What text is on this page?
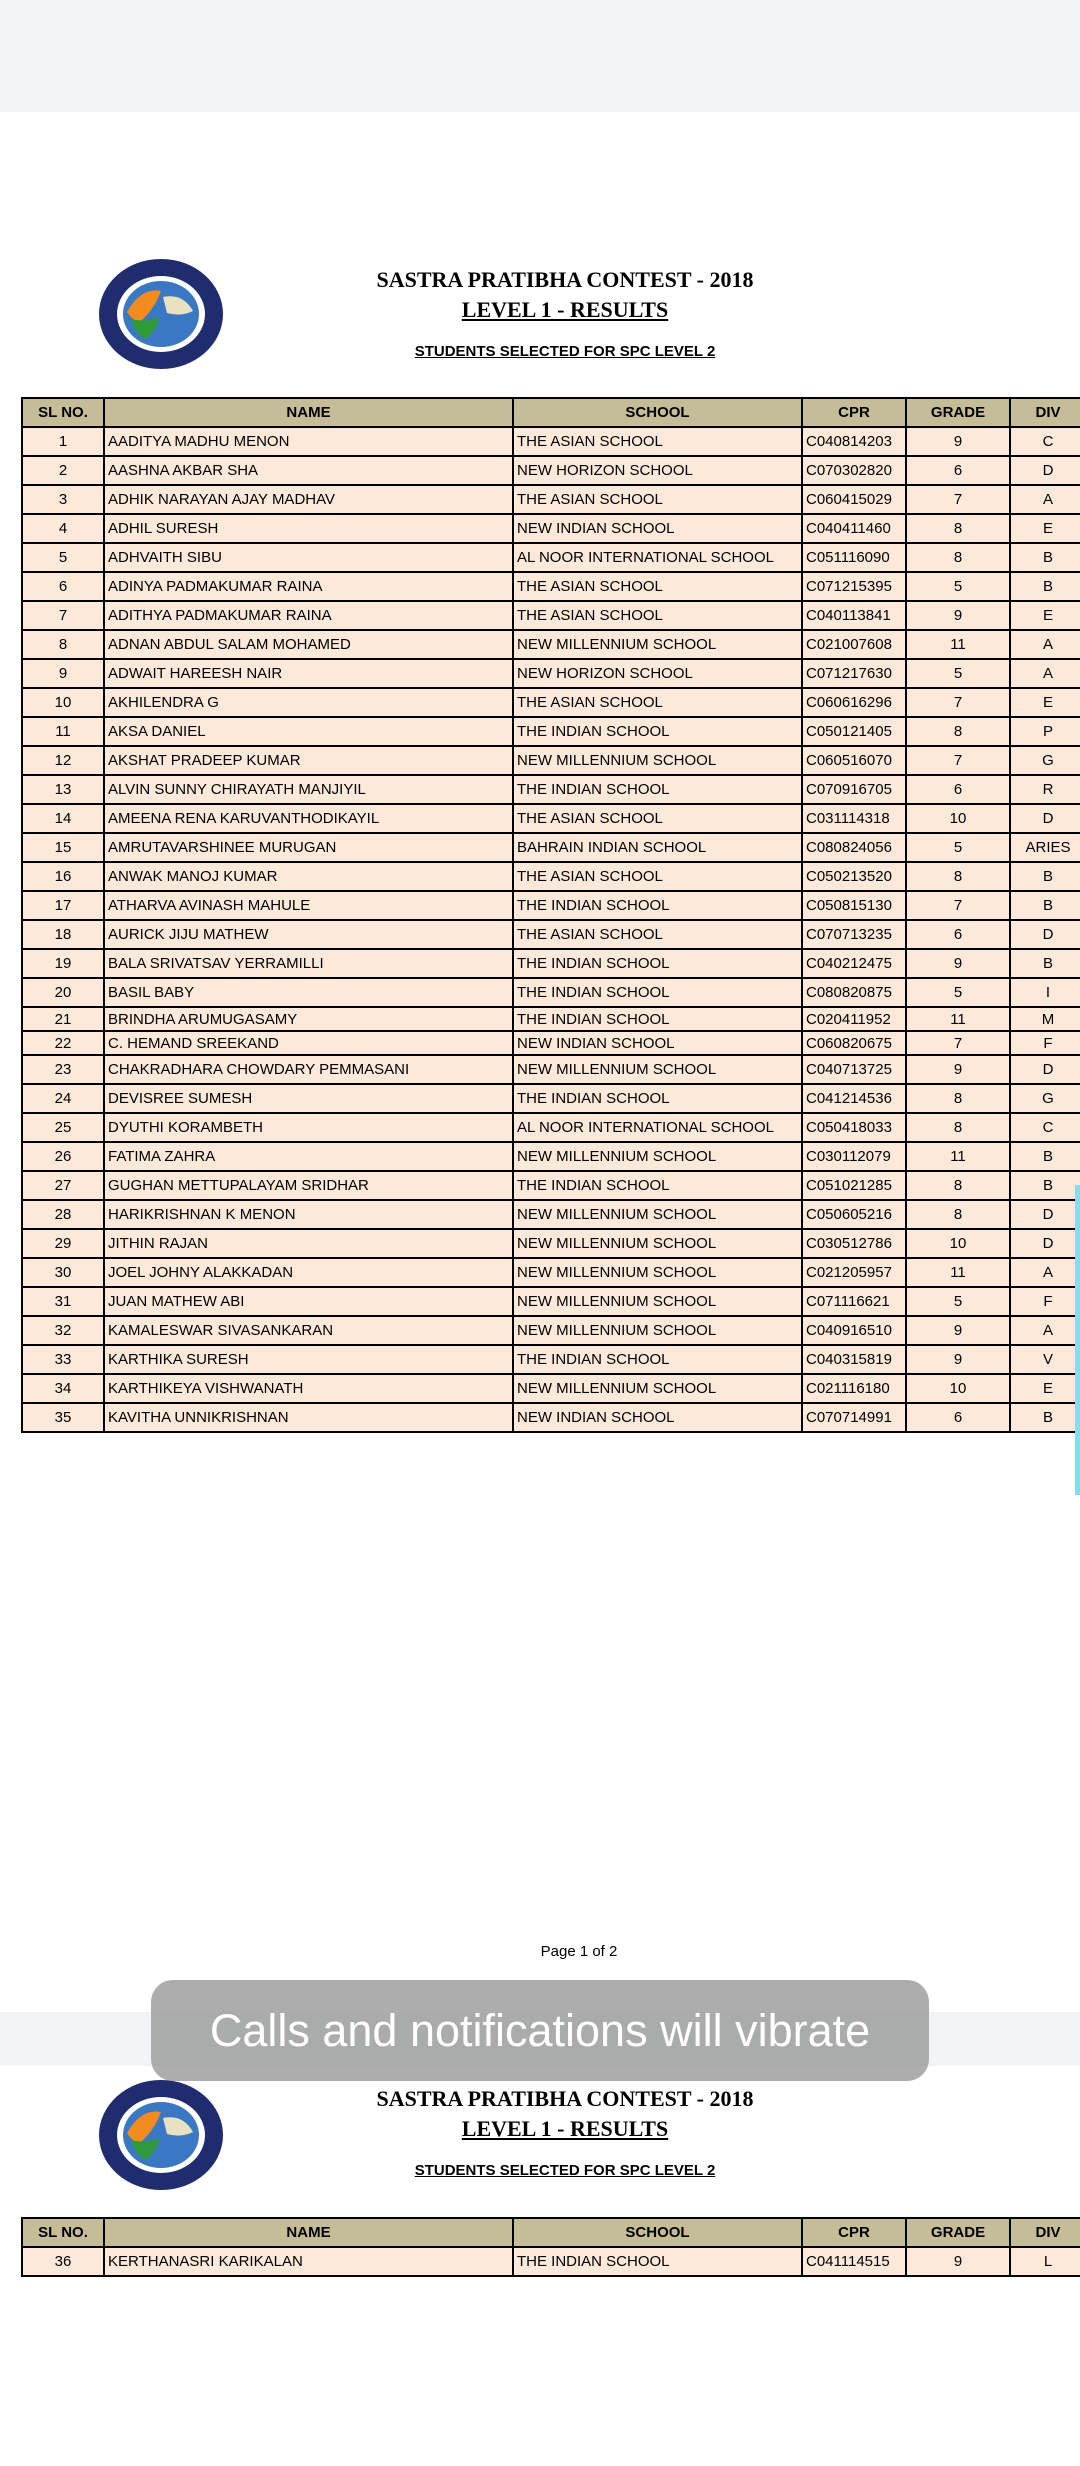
SASTRA PRATIBHA CONTEST - 2018
LEVEL 1 - RESULTS
STUDENTS SELECTED FOR SPC LEVEL 2
SL NO.	NAME	SCHOOL	CPR	GRADE	DIV
1	AADITYA MADHU MENON	THE ASIAN SCHOOL	C040814203	9	C
2	AASHNA AKBAR SHA	NEW HORIZON SCHOOL	C070302820	6	D
3	ADHIK NARAYAN AJAY MADHAV	THE ASIAN SCHOOL	C060415029	7	A
4	ADHIL SURESH	NEW INDIAN SCHOOL	C040411460	8	E
5	ADHVAITH SIBU	AL NOOR INTERNATIONAL SCHOOL	C051116090	8	B
6	ADINYA PADMAKUMAR RAINA	THE ASIAN SCHOOL	C071215395	5	B
7	ADITHYA PADMAKUMAR RAINA	THE ASIAN SCHOOL	C040113841	9	E
8	ADNAN ABDUL SALAM MOHAMED	NEW MILLENNIUM SCHOOL	C021007608	11	A
9	ADWAIT HAREESH NAIR	NEW HORIZON SCHOOL	C071217630	5	A
10	AKHILENDRA G	THE ASIAN SCHOOL	C060616296	7	E
11	AKSA DANIEL	THE INDIAN SCHOOL	C050121405	8	P
12	AKSHAT PRADEEP KUMAR	NEW MILLENNIUM SCHOOL	C060516070	7	G
13	ALVIN SUNNY CHIRAYATH MANJIYIL	THE INDIAN SCHOOL	C070916705	6	R
14	AMEENA RENA KARUVANTHODIKAYIL	THE ASIAN SCHOOL	C031114318	10	D
15	AMRUTAVARSHINEE MURUGAN	BAHRAIN INDIAN SCHOOL	C080824056	5	ARIES
16	ANWAK MANOJ KUMAR	THE ASIAN SCHOOL	C050213520	8	B
17	ATHARVA AVINASH MAHULE	THE INDIAN SCHOOL	C050815130	7	B
18	AURICK JIJU MATHEW	THE ASIAN SCHOOL	C070713235	6	D
19	BALA SRIVATSAV YERRAMILLI	THE INDIAN SCHOOL	C040212475	9	B
20	BASIL BABY	THE INDIAN SCHOOL	C080820875	5	I
21	BRINDHA ARUMUGASAMY	THE INDIAN SCHOOL	C020411952	11	M
22	C. HEMAND SREEKAND	NEW INDIAN SCHOOL	C060820675	7	F
23	CHAKRADHARA CHOWDARY PEMMASANI	NEW MILLENNIUM SCHOOL	C040713725	9	D
24	DEVISREE SUMESH	THE INDIAN SCHOOL	C041214536	8	G
25	DYUTHI KORAMBETH	AL NOOR INTERNATIONAL SCHOOL	C050418033	8	C
26	FATIMA ZAHRA	NEW MILLENNIUM SCHOOL	C030112079	11	B
27	GUGHAN METTUPALAYAM SRIDHAR	THE INDIAN SCHOOL	C051021285	8	B
28	HARIKRISHNAN K MENON	NEW MILLENNIUM SCHOOL	C050605216	8	D
29	JITHIN RAJAN	NEW MILLENNIUM SCHOOL	C030512786	10	D
30	JOEL JOHNY ALAKKADAN	NEW MILLENNIUM SCHOOL	C021205957	11	A
31	JUAN MATHEW ABI	NEW MILLENNIUM SCHOOL	C071116621	5	F
32	KAMALESWAR SIVASANKARAN	NEW MILLENNIUM SCHOOL	C040916510	9	A
33	KARTHIKA SURESH	THE INDIAN SCHOOL	C040315819	9	V
34	KARTHIKEYA VISHWANATH	NEW MILLENNIUM SCHOOL	C021116180	10	E
35	KAVITHA UNNIKRISHNAN	NEW INDIAN SCHOOL	C070714991	6	B
Page 1 of 2
SASTRA PRATIBHA CONTEST - 2018
LEVEL 1 - RESULTS
STUDENTS SELECTED FOR SPC LEVEL 2
SL NO.	NAME	SCHOOL	CPR	GRADE	DIV
36	KERTHANASRI KARIKALAN	THE INDIAN SCHOOL	C041114515	9	L
Calls and notifications will vibrate
